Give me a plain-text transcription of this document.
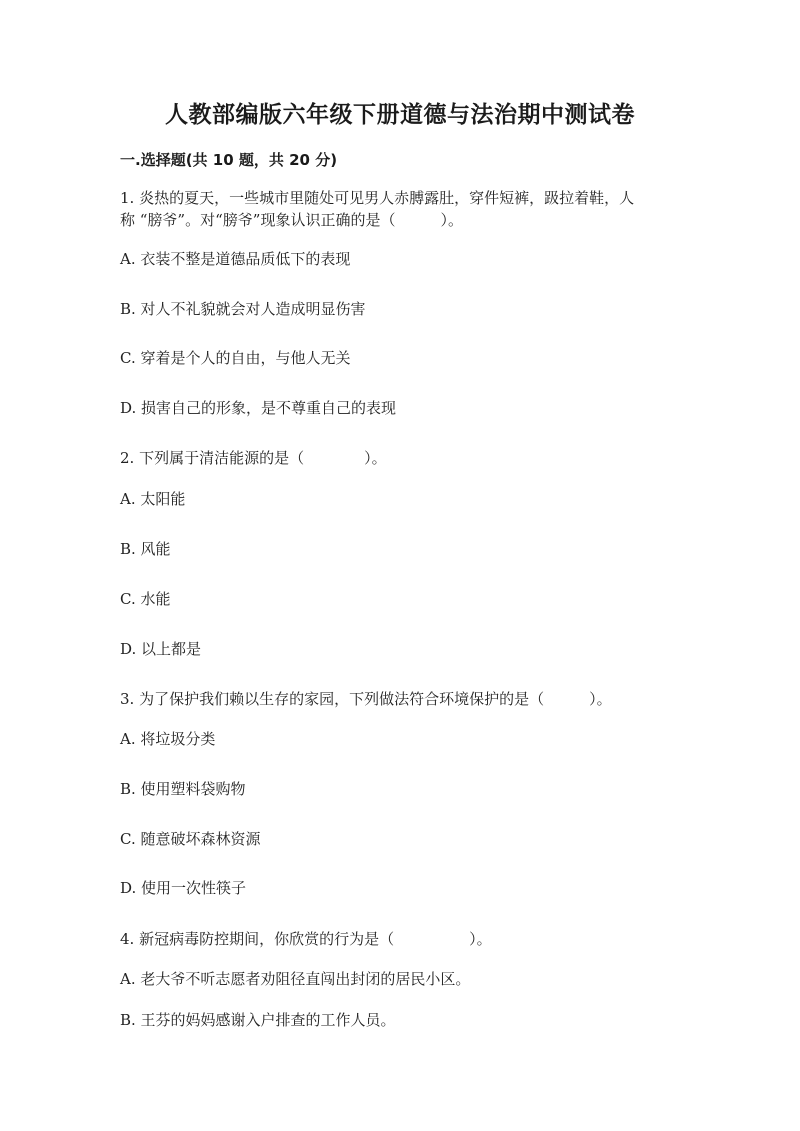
人教部编版六年级下册道德与法治期中测试卷
一.选择题(共 10 题，共 20 分)
1. 炎热的夏天，一些城市里随处可见男人赤膊露肚，穿件短裤，趿拉着鞋，人
称 “膀爷”。对“膀爷”现象认识正确的是（　　　）。
A. 衣装不整是道德品质低下的表现
B. 对人不礼貌就会对人造成明显伤害
C. 穿着是个人的自由，与他人无关
D. 损害自己的形象，是不尊重自己的表现
2. 下列属于清洁能源的是（　　　　）。
A. 太阳能
B. 风能
C. 水能
D. 以上都是
3. 为了保护我们赖以生存的家园，下列做法符合环境保护的是（　　　）。
A. 将垃圾分类
B. 使用塑料袋购物
C. 随意破坏森林资源
D. 使用一次性筷子
4. 新冠病毒防控期间，你欣赏的行为是（　　　　　）。
A. 老大爷不听志愿者劝阻径直闯出封闭的居民小区。
B. 王芬的妈妈感谢入户排查的工作人员。
